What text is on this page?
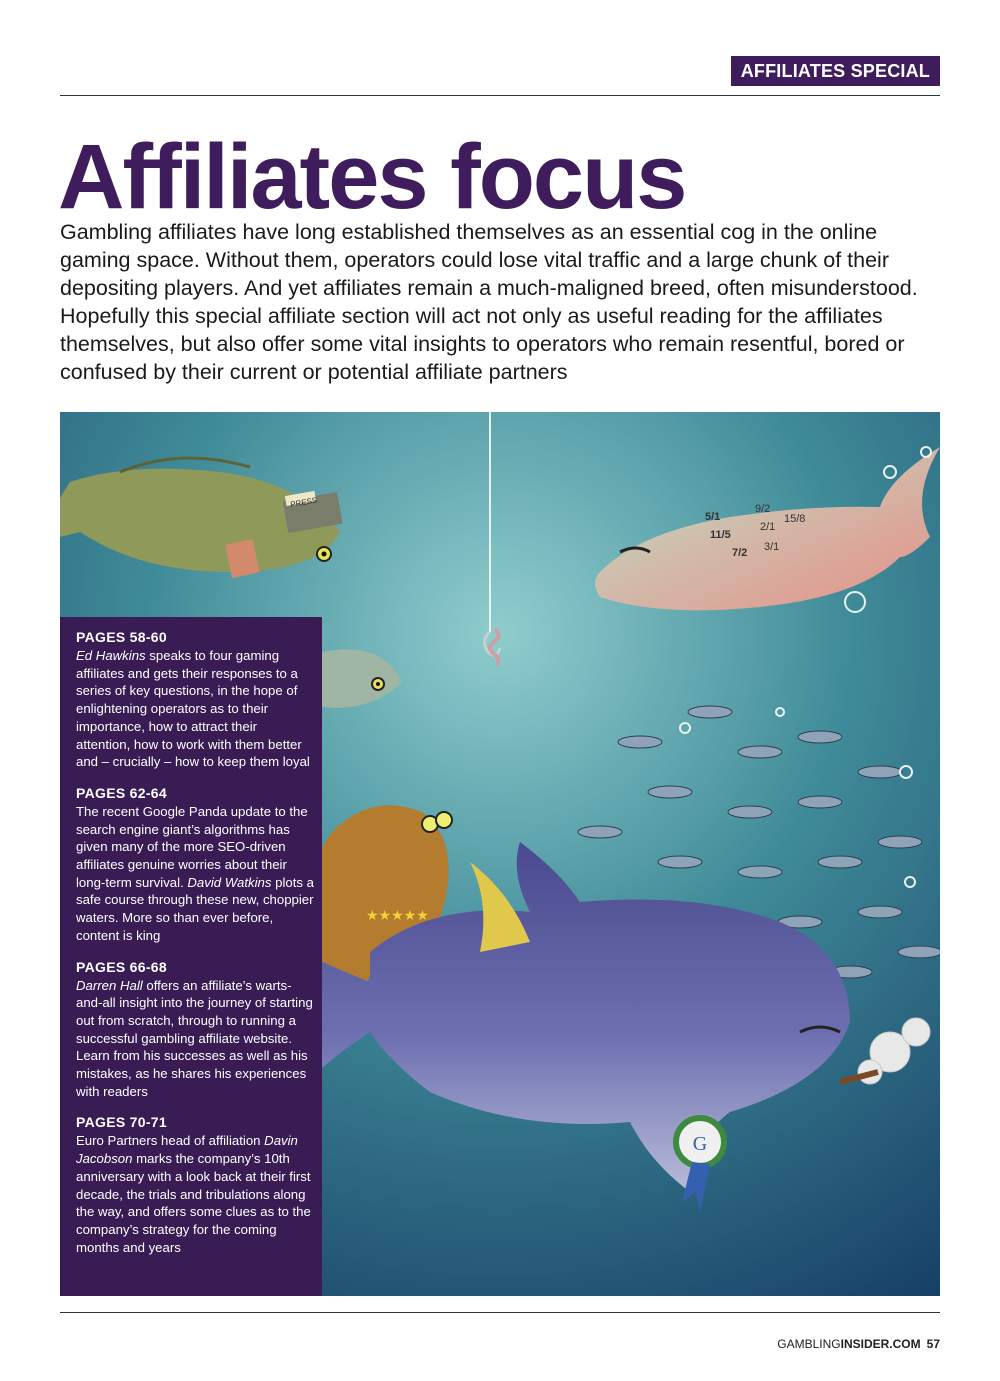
AFFILIATES SPECIAL
Affiliates focus

Gambling affiliates have long established themselves as an essential cog in the online gaming space. Without them, operators could lose vital traffic and a large chunk of their depositing players. And yet affiliates remain a much-maligned breed, often misunderstood. Hopefully this special affiliate section will act not only as useful reading for the affiliates themselves, but also offer some vital insights to operators who remain resentful, bored or confused by their current or potential affiliate partners

PRESS
5/1
9/2
11/5
2/1
15/8
7/2 3/1
★★★★★
G

PAGES 58-60

Ed Hawkins speaks to four gaming affiliates and gets their responses to a series of key questions, in the hope of enlightening operators as to their importance, how to attract their attention, how to work with them better and – crucially – how to keep them loyal

PAGES 62-64

The recent Google Panda update to the search engine giant’s algorithms has given many of the more SEO-driven affiliates genuine worries about their long-term survival. David Watkins plots a safe course through these new, choppier waters. More so than ever before, content is king

PAGES 66-68

Darren Hall offers an affiliate’s warts-and-all insight into the journey of starting out from scratch, through to running a successful gambling affiliate website. Learn from his successes as well as his mistakes, as he shares his experiences with readers

PAGES 70-71

Euro Partners head of affiliation Davin Jacobson marks the company’s 10th anniversary with a look back at their first decade, the trials and tribulations along the way, and offers some clues as to the company’s strategy for the coming months and years

GAMBLINGINSIDER.COM 57
